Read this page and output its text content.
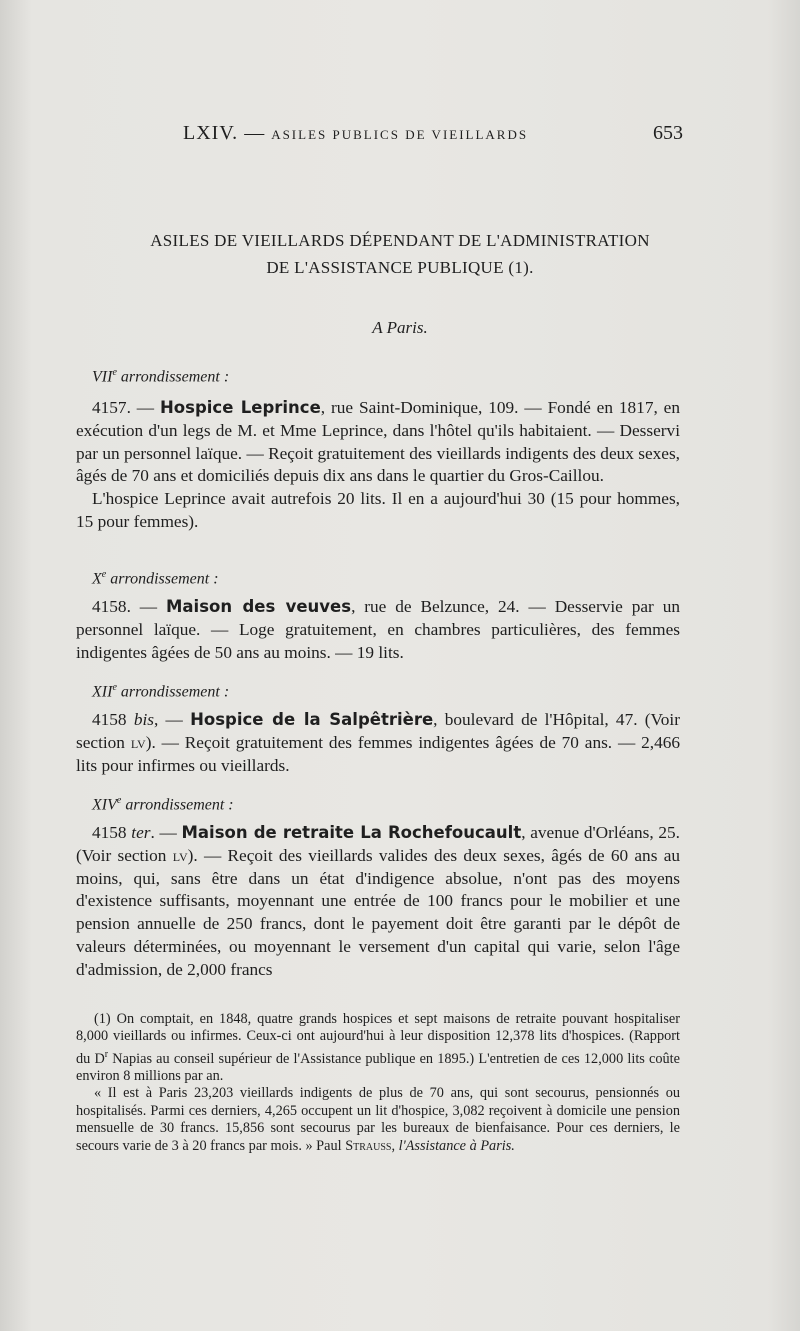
LXIV. — ASILES PUBLICS DE VIEILLARDS	653
ASILES DE VIEILLARDS DÉPENDANT DE L'ADMINISTRATION
DE L'ASSISTANCE PUBLIQUE (1).
A Paris.
VIIe arrondissement :

4157. — Hospice Leprince, rue Saint-Dominique, 109. — Fondé en 1817, en exécution d'un legs de M. et Mme Leprince, dans l'hôtel qu'ils habitaient. — Desservi par un personnel laïque. — Reçoit gratuitement des vieillards indigents des deux sexes, âgés de 70 ans et domiciliés depuis dix ans dans le quartier du Gros-Caillou.

L'hospice Leprince avait autrefois 20 lits. Il en a aujourd'hui 30 (15 pour hommes, 15 pour femmes).

Xe arrondissement :

4158. — Maison des veuves, rue de Belzunce, 24. — Desservie par un personnel laïque. — Loge gratuitement, en chambres particulières, des femmes indigentes âgées de 50 ans au moins. — 19 lits.

XIIe arrondissement :

4158 bis, — Hospice de la Salpêtrière, boulevard de l'Hôpital, 47. (Voir section lv). — Reçoit gratuitement des femmes indigentes âgées de 70 ans. — 2,466 lits pour infirmes ou vieillards.

XIVe arrondissement :

4158 ter. — Maison de retraite La Rochefoucault, avenue d'Orléans, 25. (Voir section lv). — Reçoit des vieillards valides des deux sexes, âgés de 60 ans au moins, qui, sans être dans un état d'indigence absolue, n'ont pas des moyens d'existence suffisants, moyennant une entrée de 100 francs pour le mobilier et une pension annuelle de 250 francs, dont le payement doit être garanti par le dépôt de valeurs déterminées, ou moyennant le versement d'un capital qui varie, selon l'âge d'admission, de 2,000 francs

(1) On comptait, en 1848, quatre grands hospices et sept maisons de retraite pouvant hospitaliser 8,000 vieillards ou infirmes. Ceux-ci ont aujourd'hui à leur disposition 12,378 lits d'hospices. (Rapport du $D^r$ Napias au conseil supérieur de l'Assistance publique en 1895.) L'entretien de ces 12,000 lits coûte environ 8 millions par an.

« Il est à Paris 23,203 vieillards indigents de plus de 70 ans, qui sont secourus, pensionnés ou hospitalisés. Parmi ces derniers, 4,265 occupent un lit d'hospice, 3,082 reçoivent à domicile une pension mensuelle de 30 francs. 15,856 sont secourus par les bureaux de bienfaisance. Pour ces derniers, le secours varie de 3 à 20 francs par mois. » Paul Strauss, l'Assistance à Paris.
